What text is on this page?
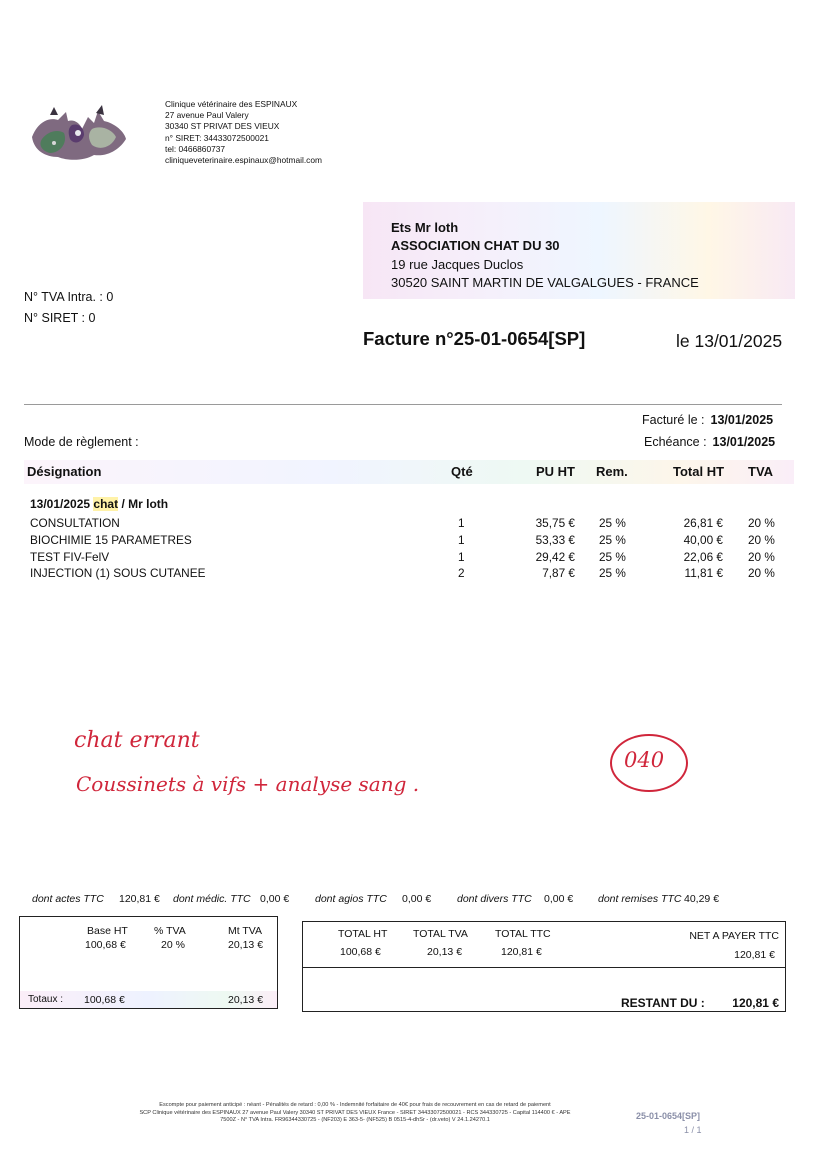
Clinique vétérinaire des ESPINAUX
27 avenue Paul Valery
30340 ST PRIVAT DES VIEUX
n° SIRET: 34433072500021
tel: 0466860737
cliniqueveterinaire.espinaux@hotmail.com
Ets Mr loth
ASSOCIATION CHAT DU 30
19 rue Jacques Duclos
30520 SAINT MARTIN DE VALGALGUES - FRANCE
N° TVA Intra. : 0
N° SIRET : 0
Facture n°25-01-0654[SP]	le 13/01/2025
Facturé le : 13/01/2025
Echéance : 13/01/2025
Mode de règlement :
Désignation	Qté	PU HT Rem.	Total HT TVA
13/01/2025 chat / Mr loth
CONSULTATION	1	35,75 € 25 %	26,81 € 20 %
BIOCHIMIE 15 PARAMETRES	1	53,33 € 25 %	40,00 € 20 %
TEST FIV-FelV	1	29,42 € 25 %	22,06 € 20 %
INJECTION (1) SOUS CUTANEE	2	7,87 € 25 %	11,81 € 20 %
chat errant
Coussinets à vifs + analyse sang .
040
dont actes TTC 120,81 € dont médic. TTC 0,00 € dont agios TTC 0,00 € dont divers TTC 0,00 € dont remises TTC 40,29 €
Base HT % TVA	Mt TVA
100,68 €	20 %	20,13 €
Totaux : 100,68 €	20,13 €
TOTAL HT TOTAL TVA	TOTAL TTC	NET A PAYER TTC
100,68 €	20,13 €	120,81 €	120,81 €
RESTANT DU : 120,81 €
Escompte pour paiement anticipé : néant - Pénalités de retard : 0,00 % - Indemnité forfaitaire de 40€ pour frais de recouvrement en cas de retard de paiement
SCP Clinique vétérinaire des ESPINAUX 27 avenue Paul Valery 30340 ST PRIVAT DES VIEUX France - SIRET 34433072500021 - RCS 344330725 - Capital 114400 € - APE
7500Z - N° TVA Intra. FR96344330725 - (NF203) E 363-5- (NF525) B 0515-4-dhSr - (dr.veto) V 24.1.24270.1	25-01-0654[SP]
1 / 1
